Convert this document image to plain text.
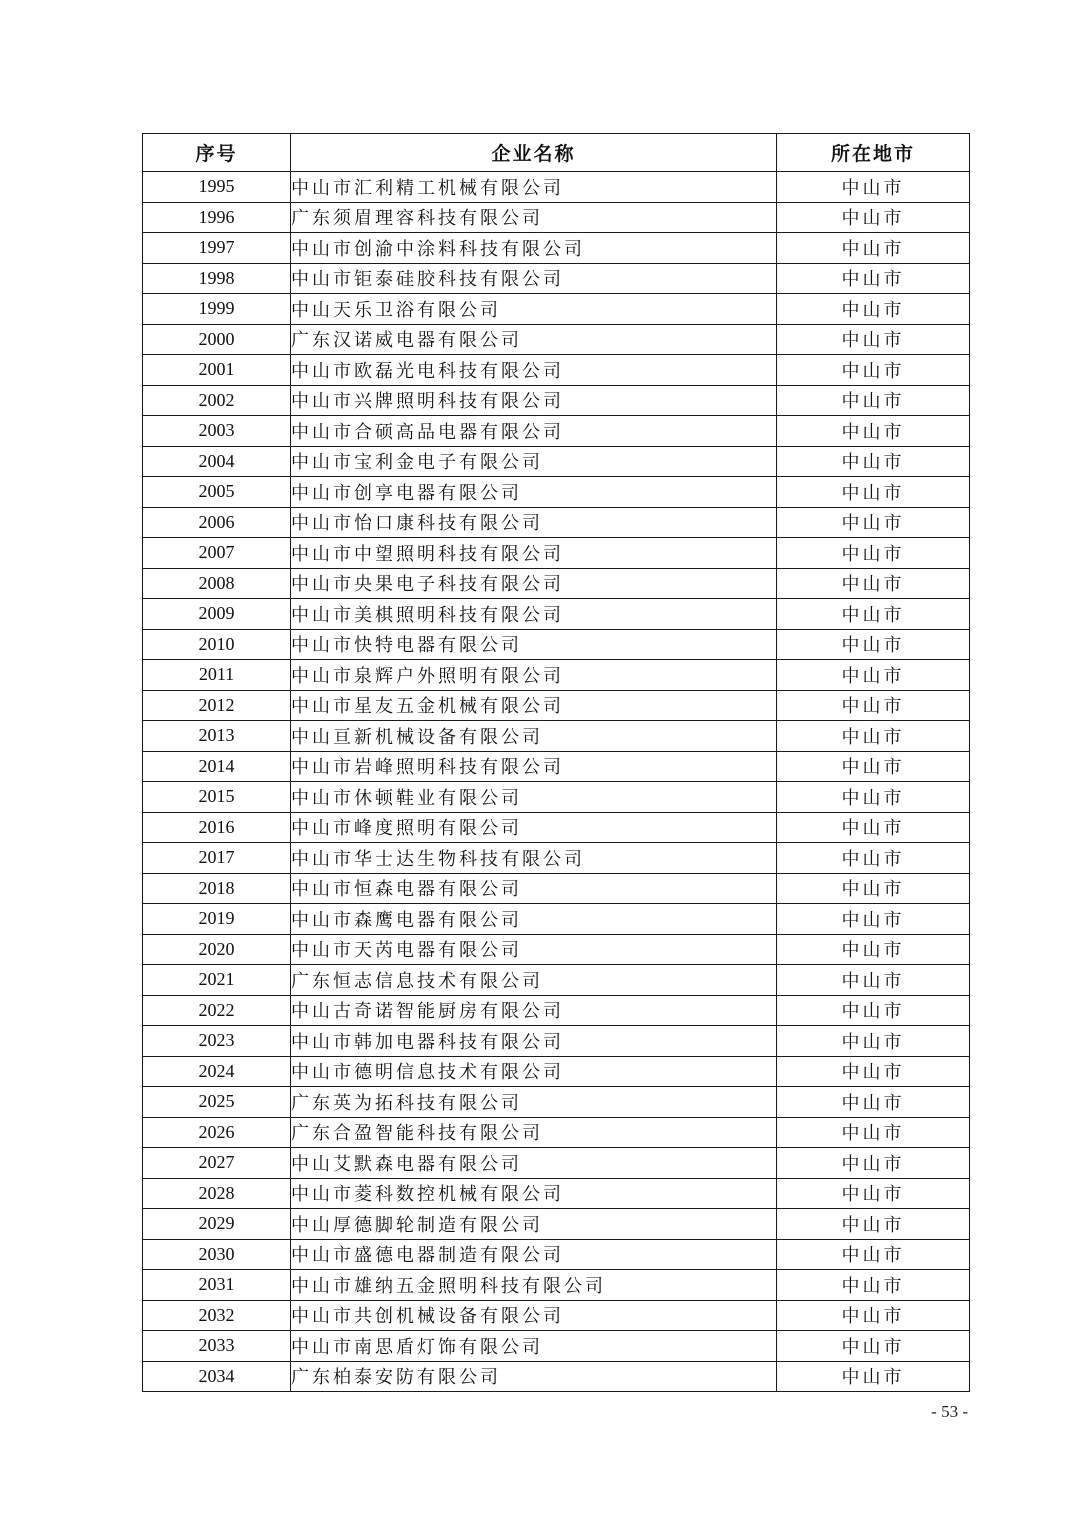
序号	企业名称	所在地市
1995	中山市汇利精工机械有限公司	中山市
1996	广东须眉理容科技有限公司	中山市
1997	中山市创渝中涂料科技有限公司	中山市
1998	中山市钜泰硅胶科技有限公司	中山市
1999	中山天乐卫浴有限公司	中山市
2000	广东汉诺威电器有限公司	中山市
2001	中山市欧磊光电科技有限公司	中山市
2002	中山市兴牌照明科技有限公司	中山市
2003	中山市合硕高品电器有限公司	中山市
2004	中山市宝利金电子有限公司	中山市
2005	中山市创享电器有限公司	中山市
2006	中山市怡口康科技有限公司	中山市
2007	中山市中望照明科技有限公司	中山市
2008	中山市央果电子科技有限公司	中山市
2009	中山市美棋照明科技有限公司	中山市
2010	中山市快特电器有限公司	中山市
2011	中山市泉辉户外照明有限公司	中山市
2012	中山市星友五金机械有限公司	中山市
2013	中山亘新机械设备有限公司	中山市
2014	中山市岩峰照明科技有限公司	中山市
2015	中山市休顿鞋业有限公司	中山市
2016	中山市峰度照明有限公司	中山市
2017	中山市华士达生物科技有限公司	中山市
2018	中山市恒森电器有限公司	中山市
2019	中山市森鹰电器有限公司	中山市
2020	中山市天芮电器有限公司	中山市
2021	广东恒志信息技术有限公司	中山市
2022	中山古奇诺智能厨房有限公司	中山市
2023	中山市韩加电器科技有限公司	中山市
2024	中山市德明信息技术有限公司	中山市
2025	广东英为拓科技有限公司	中山市
2026	广东合盈智能科技有限公司	中山市
2027	中山艾默森电器有限公司	中山市
2028	中山市菱科数控机械有限公司	中山市
2029	中山厚德脚轮制造有限公司	中山市
2030	中山市盛德电器制造有限公司	中山市
2031	中山市雄纳五金照明科技有限公司	中山市
2032	中山市共创机械设备有限公司	中山市
2033	中山市南思盾灯饰有限公司	中山市
2034	广东柏泰安防有限公司	中山市
- 53 -
